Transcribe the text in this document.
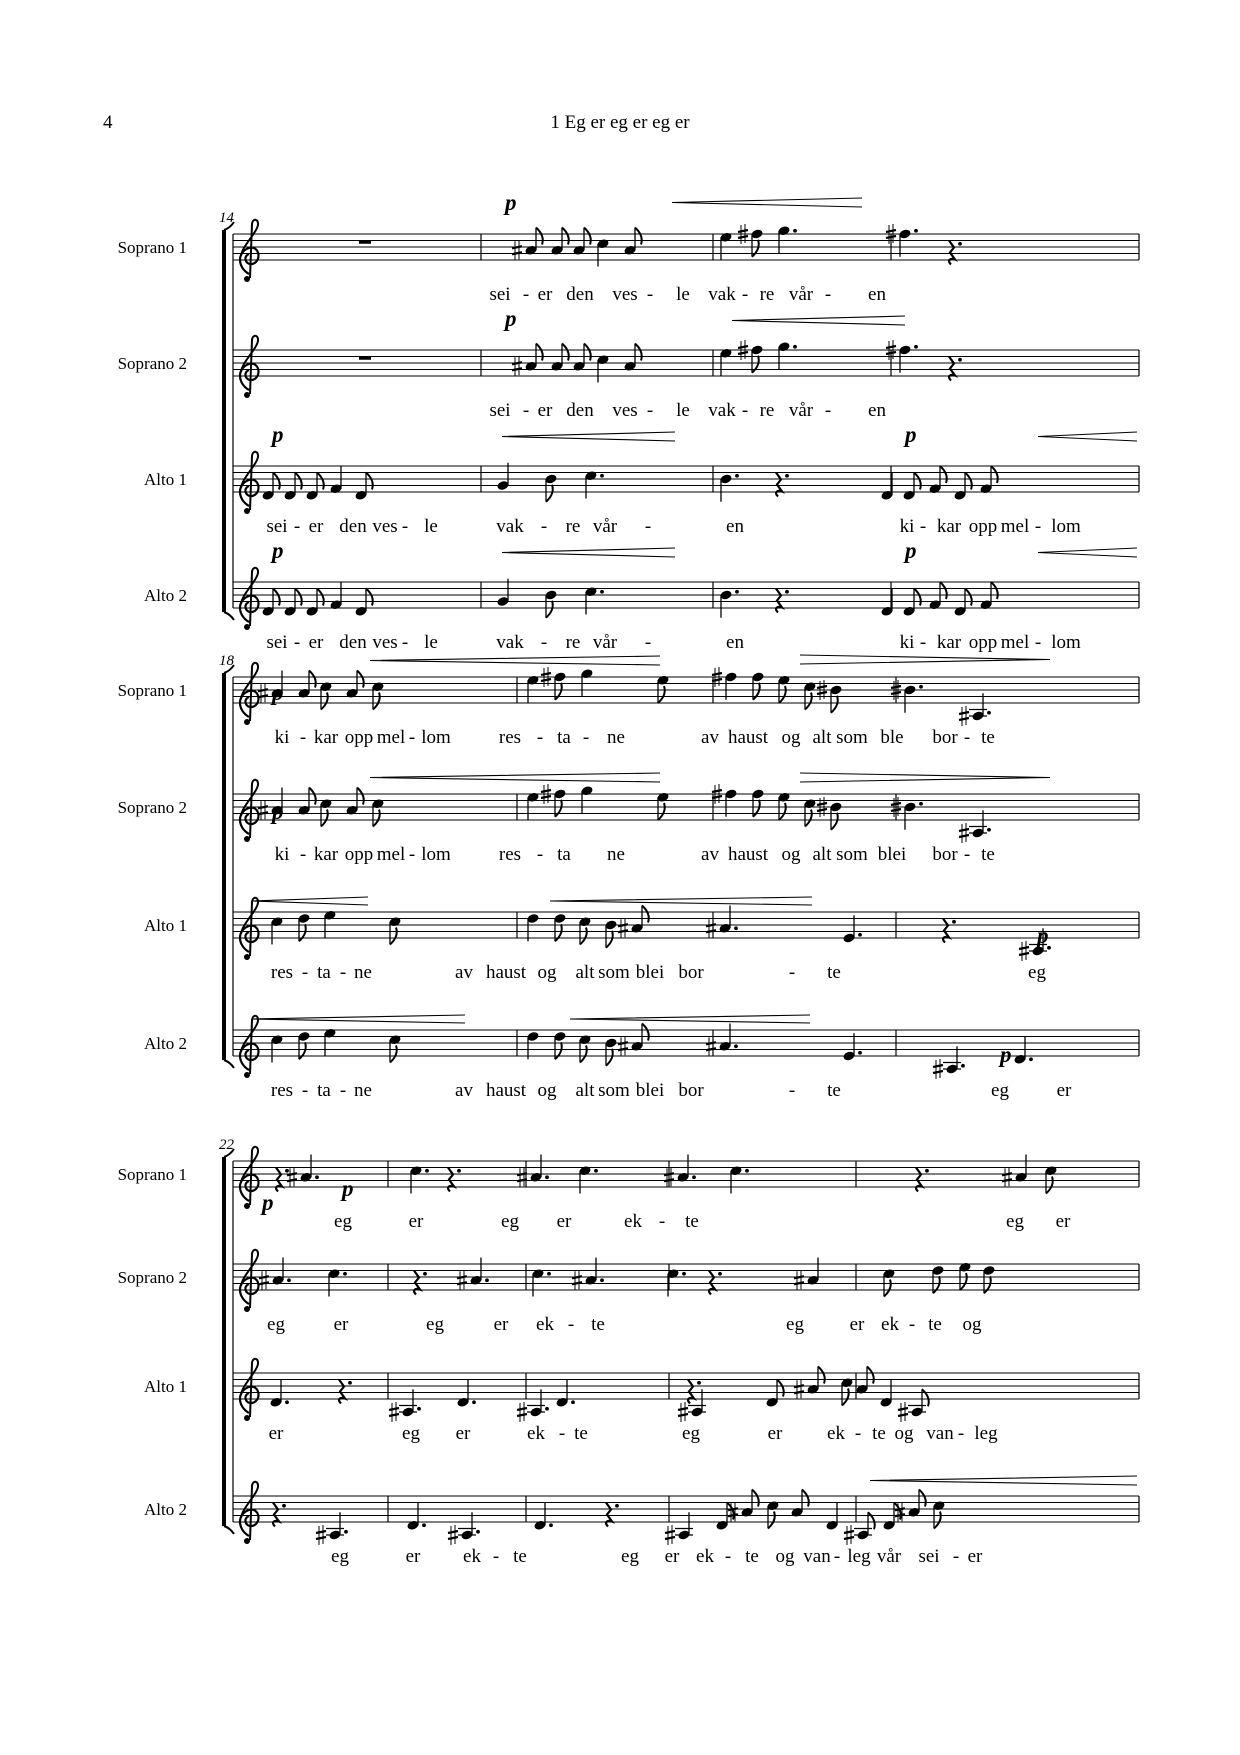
4	1 Eg er eg er eg er
14
Soprano 1
sei - er den ves - le vak - re vår - en
p
Soprano 2
sei - er den ves - le vak - re vår - en
p
Alto 1
sei - er den ves - le	vak - re vår -	en	ki - kar opp mel - lom
p	p
Alto 2
sei - er den ves - le	vak - re vår -	en	ki - kar opp mel - lom
p	p
18
Soprano 1
ki - kar opp mel - lom	res - ta - ne	av haust og alt som ble bor - te
p
Soprano 2
ki - kar opp mel - lom	res - ta ne	av haust og alt som blei bor - te
p
Alto 1
res - ta - ne	av haust og alt som blei bor	- te	eg
p
Alto 2
res - ta - ne	av haust og alt som blei bor	- te	eg	er
p
22
Soprano 1
eg	er	eg er	ek - te	eg er
p
Soprano 2
eg	er	eg	er ek - te	eg er ek - te og
p
Alto 1
er	eg er	ek - te	eg	er ek - te og van - leg
Alto 2
eg	er ek - te	eg er ek - te og van - leg vår sei - er
